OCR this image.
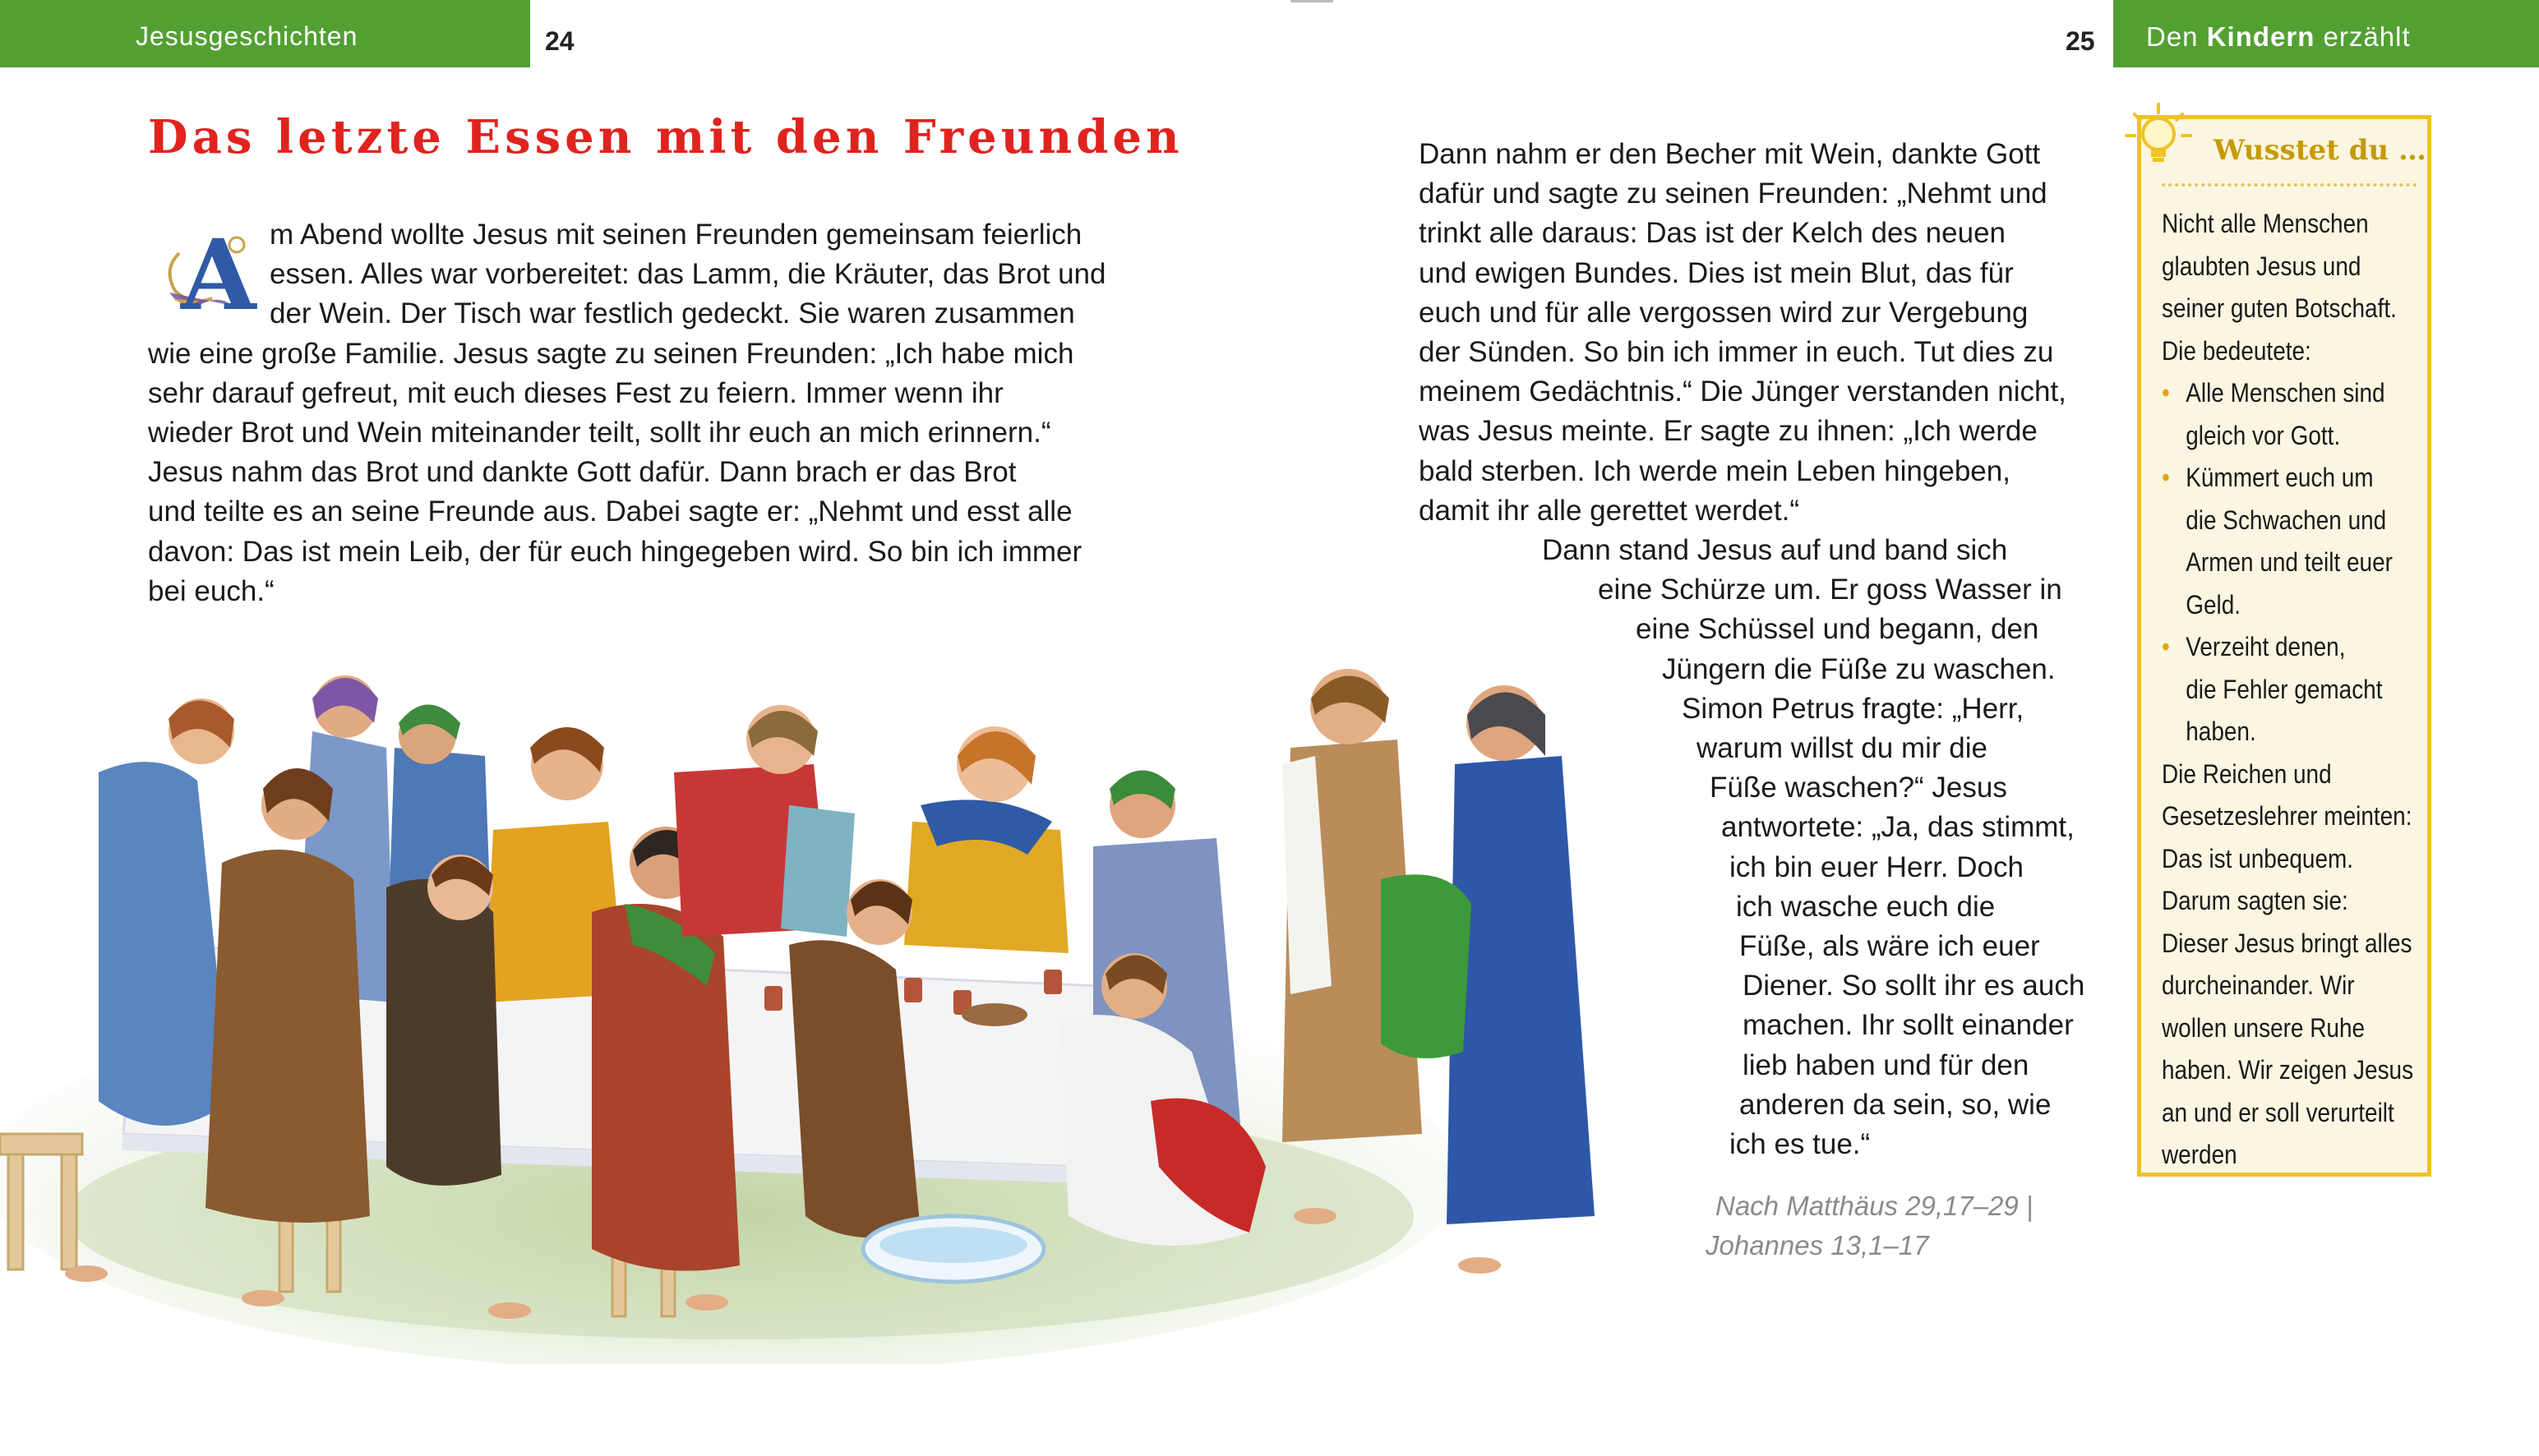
Jesusgeschichten	24	25 Den Kindern erzählt
Das letzte Essen mit den Freunden
A m Abend wollte Jesus mit seinen Freunden gemeinsam feierlich
essen. Alles war vorbereitet: das Lamm, die Kräuter, das Brot und
der Wein. Der Tisch war festlich gedeckt. Sie waren zusammen
wie eine große Familie. Jesus sagte zu seinen Freunden: „Ich habe mich
sehr darauf gefreut, mit euch dieses Fest zu feiern. Immer wenn ihr
wieder Brot und Wein miteinander teilt, sollt ihr euch an mich erinnern.“
Jesus nahm das Brot und dankte Gott dafür. Dann brach er das Brot
und teilte es an seine Freunde aus. Dabei sagte er: „Nehmt und esst alle
davon: Das ist mein Leib, der für euch hingegeben wird. So bin ich immer
bei euch.“
Dann nahm er den Becher mit Wein, dankte Gott
dafür und sagte zu seinen Freunden: „Nehmt und
trinkt alle daraus: Das ist der Kelch des neuen
und ewigen Bundes. Dies ist mein Blut, das für
euch und für alle vergossen wird zur Vergebung
der Sünden. So bin ich immer in euch. Tut dies zu
meinem Gedächtnis.“ Die Jünger verstanden nicht,
was Jesus meinte. Er sagte zu ihnen: „Ich werde
bald sterben. Ich werde mein Leben hingeben,
damit ihr alle gerettet werdet.“
Dann stand Jesus auf und band sich
eine Schürze um. Er goss Wasser in
eine Schüssel und begann, den
Jüngern die Füße zu waschen.
Simon Petrus fragte: „Herr,
warum willst du mir die
Füße waschen?“ Jesus
antwortete: „Ja, das stimmt,
ich bin euer Herr. Doch
ich wasche euch die
Füße, als wäre ich euer
Diener. So sollt ihr es auch
machen. Ihr sollt einander
lieb haben und für den
anderen da sein, so, wie
ich es tue.“
Nach Matthäus 29,17–29 |
Johannes 13,1–17
Wusstet du …
Nicht alle Menschen
glaubten Jesus und
seiner guten Botschaft.
Die bedeutete:
• Alle Menschen sind
gleich vor Gott.
• Kümmert euch um
die Schwachen und
Armen und teilt euer
Geld.
• Verzeiht denen,
die Fehler gemacht
haben.
Die Reichen und
Gesetzeslehrer meinten:
Das ist unbequem.
Darum sagten sie:
Dieser Jesus bringt alles
durcheinander. Wir
wollen unsere Ruhe
haben. Wir zeigen Jesus
an und er soll verurteilt
werden
